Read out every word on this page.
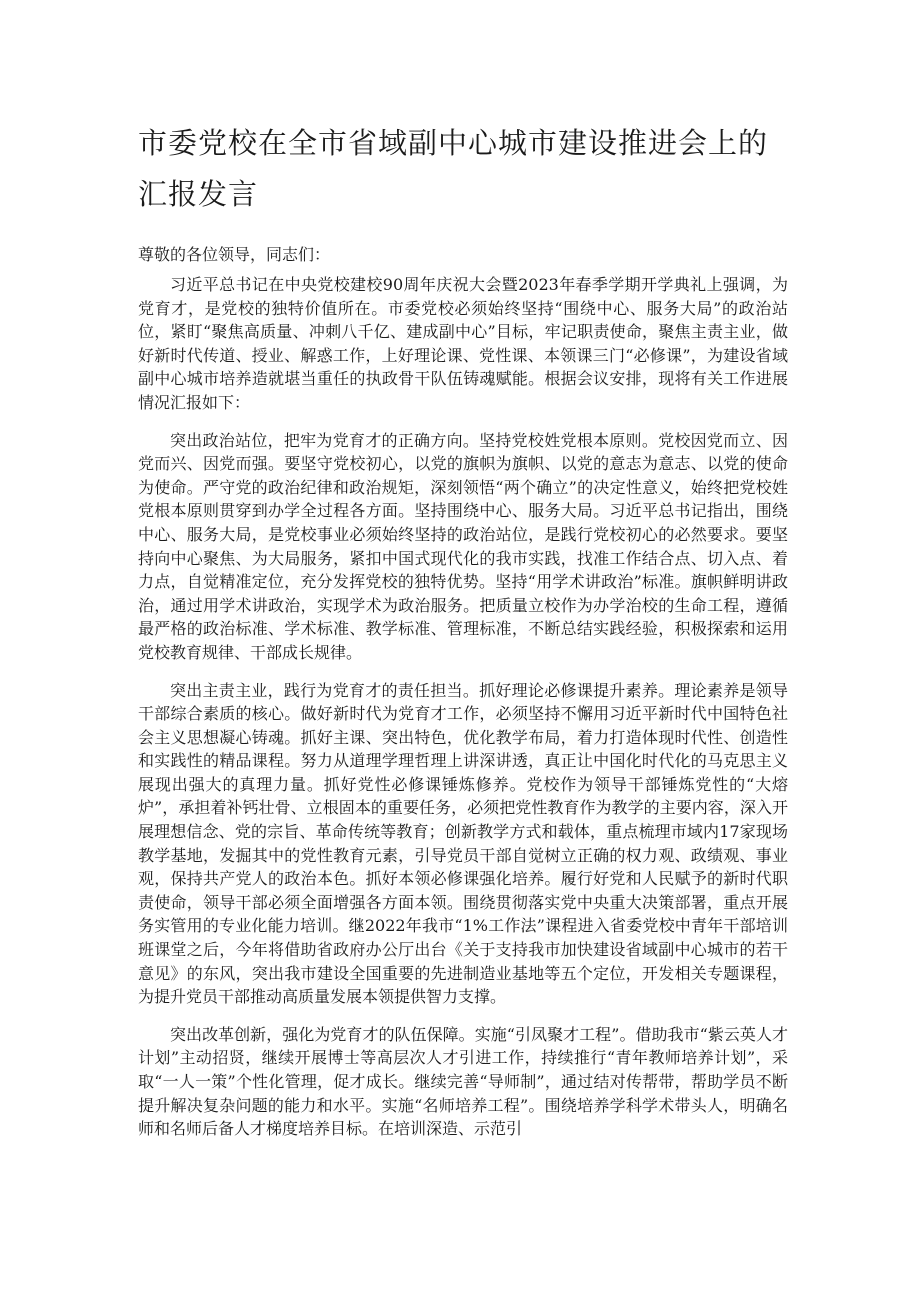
市委党校在全市省域副中心城市建设推进会上的汇报发言

尊敬的各位领导，同志们：

习近平总书记在中央党校建校90周年庆祝大会暨2023年春季学期开学典礼上强调，为党育才，是党校的独特价值所在。市委党校必须始终坚持“围绕中心、服务大局”的政治站位，紧盯“聚焦高质量、冲刺八千亿、建成副中心”目标，牢记职责使命，聚焦主责主业，做好新时代传道、授业、解惑工作，上好理论课、党性课、本领课三门“必修课”，为建设省域副中心城市培养造就堪当重任的执政骨干队伍铸魂赋能。根据会议安排，现将有关工作进展情况汇报如下：

突出政治站位，把牢为党育才的正确方向。坚持党校姓党根本原则。党校因党而立、因党而兴、因党而强。要坚守党校初心，以党的旗帜为旗帜、以党的意志为意志、以党的使命为使命。严守党的政治纪律和政治规矩，深刻领悟“两个确立”的决定性意义，始终把党校姓党根本原则贯穿到办学全过程各方面。坚持围绕中心、服务大局。习近平总书记指出，围绕中心、服务大局，是党校事业必须始终坚持的政治站位，是践行党校初心的必然要求。要坚持向中心聚焦、为大局服务，紧扣中国式现代化的我市实践，找准工作结合点、切入点、着力点，自觉精准定位，充分发挥党校的独特优势。坚持“用学术讲政治”标准。旗帜鲜明讲政治，通过用学术讲政治，实现学术为政治服务。把质量立校作为办学治校的生命工程，遵循最严格的政治标准、学术标准、教学标准、管理标准，不断总结实践经验，积极探索和运用党校教育规律、干部成长规律。

突出主责主业，践行为党育才的责任担当。抓好理论必修课提升素养。理论素养是领导干部综合素质的核心。做好新时代为党育才工作，必须坚持不懈用习近平新时代中国特色社会主义思想凝心铸魂。抓好主课、突出特色，优化教学布局，着力打造体现时代性、创造性和实践性的精品课程。努力从道理学理哲理上讲深讲透，真正让中国化时代化的马克思主义展现出强大的真理力量。抓好党性必修课锤炼修养。党校作为领导干部锤炼党性的“大熔炉”，承担着补钙壮骨、立根固本的重要任务，必须把党性教育作为教学的主要内容，深入开展理想信念、党的宗旨、革命传统等教育；创新教学方式和载体，重点梳理市域内17家现场教学基地，发掘其中的党性教育元素，引导党员干部自觉树立正确的权力观、政绩观、事业观，保持共产党人的政治本色。抓好本领必修课强化培养。履行好党和人民赋予的新时代职责使命，领导干部必须全面增强各方面本领。围绕贯彻落实党中央重大决策部署，重点开展务实管用的专业化能力培训。继2022年我市“1%工作法”课程进入省委党校中青年干部培训班课堂之后，今年将借助省政府办公厅出台《关于支持我市加快建设省域副中心城市的若干意见》的东风，突出我市建设全国重要的先进制造业基地等五个定位，开发相关专题课程，为提升党员干部推动高质量发展本领提供智力支撑。

突出改革创新，强化为党育才的队伍保障。实施“引凤聚才工程”。借助我市“紫云英人才计划”主动招贤，继续开展博士等高层次人才引进工作，持续推行“青年教师培养计划”，采取“一人一策”个性化管理，促才成长。继续完善“导师制”，通过结对传帮带，帮助学员不断提升解决复杂问题的能力和水平。实施“名师培养工程”。围绕培养学科学术带头人，明确名师和名师后备人才梯度培养目标。在培训深造、示范引
